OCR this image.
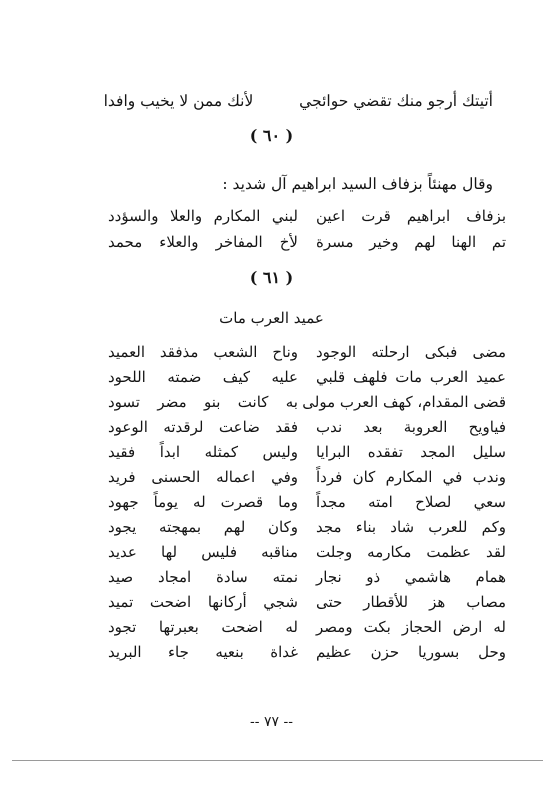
أتيتك أرجو منك تقضي حوائجي  لأنك ممن لا يخيب وافدا
( ٦٠ )
وقال مهنئاً بزفاف السيد ابراهيم آل شديد :
بزفاف ابراهيم قرت اعين
لبني المكارم والعلا والسؤدد
تم الهنا لهم وخير مسرة
لأخ المفاخر والعلاء محمد
( ٦١ )
عميد العرب مات
مضى فبكى ارحلته الوجود
وناح الشعب مذفقد العميد
عميد العرب مات فلهف قلبي
عليه كيف ضمته اللحود
قضى المقدام، كهف العرب مولى
به كانت بنو مضر تسود
فياويح العروبة بعد ندب
فقد ضاعت لرقدته الوعود
سليل المجد تفقده البرايا
وليس كمثله ابداً فقيد
وندب في المكارم كان فرداً
وفي اعماله الحسنى فريد
سعي لصلاح امته مجداً
وما قصرت له يوماً جهود
وكم للعرب شاد بناء مجد
وكان لهم بمهجته يجود
لقد عظمت مكارمه وجلت
مناقبه فليس لها عديد
همام هاشمي ذو نجار
نمته سادة امجاد صيد
مصاب هز للأقطار حتى
شجي أركانها اضحت تميد
له ارض الحجاز بكت ومصر
له اضحت بعبرتها تجود
وحل بسوريا حزن عظيم
غداة بنعيه جاء البريد
-- ٧٧ --
